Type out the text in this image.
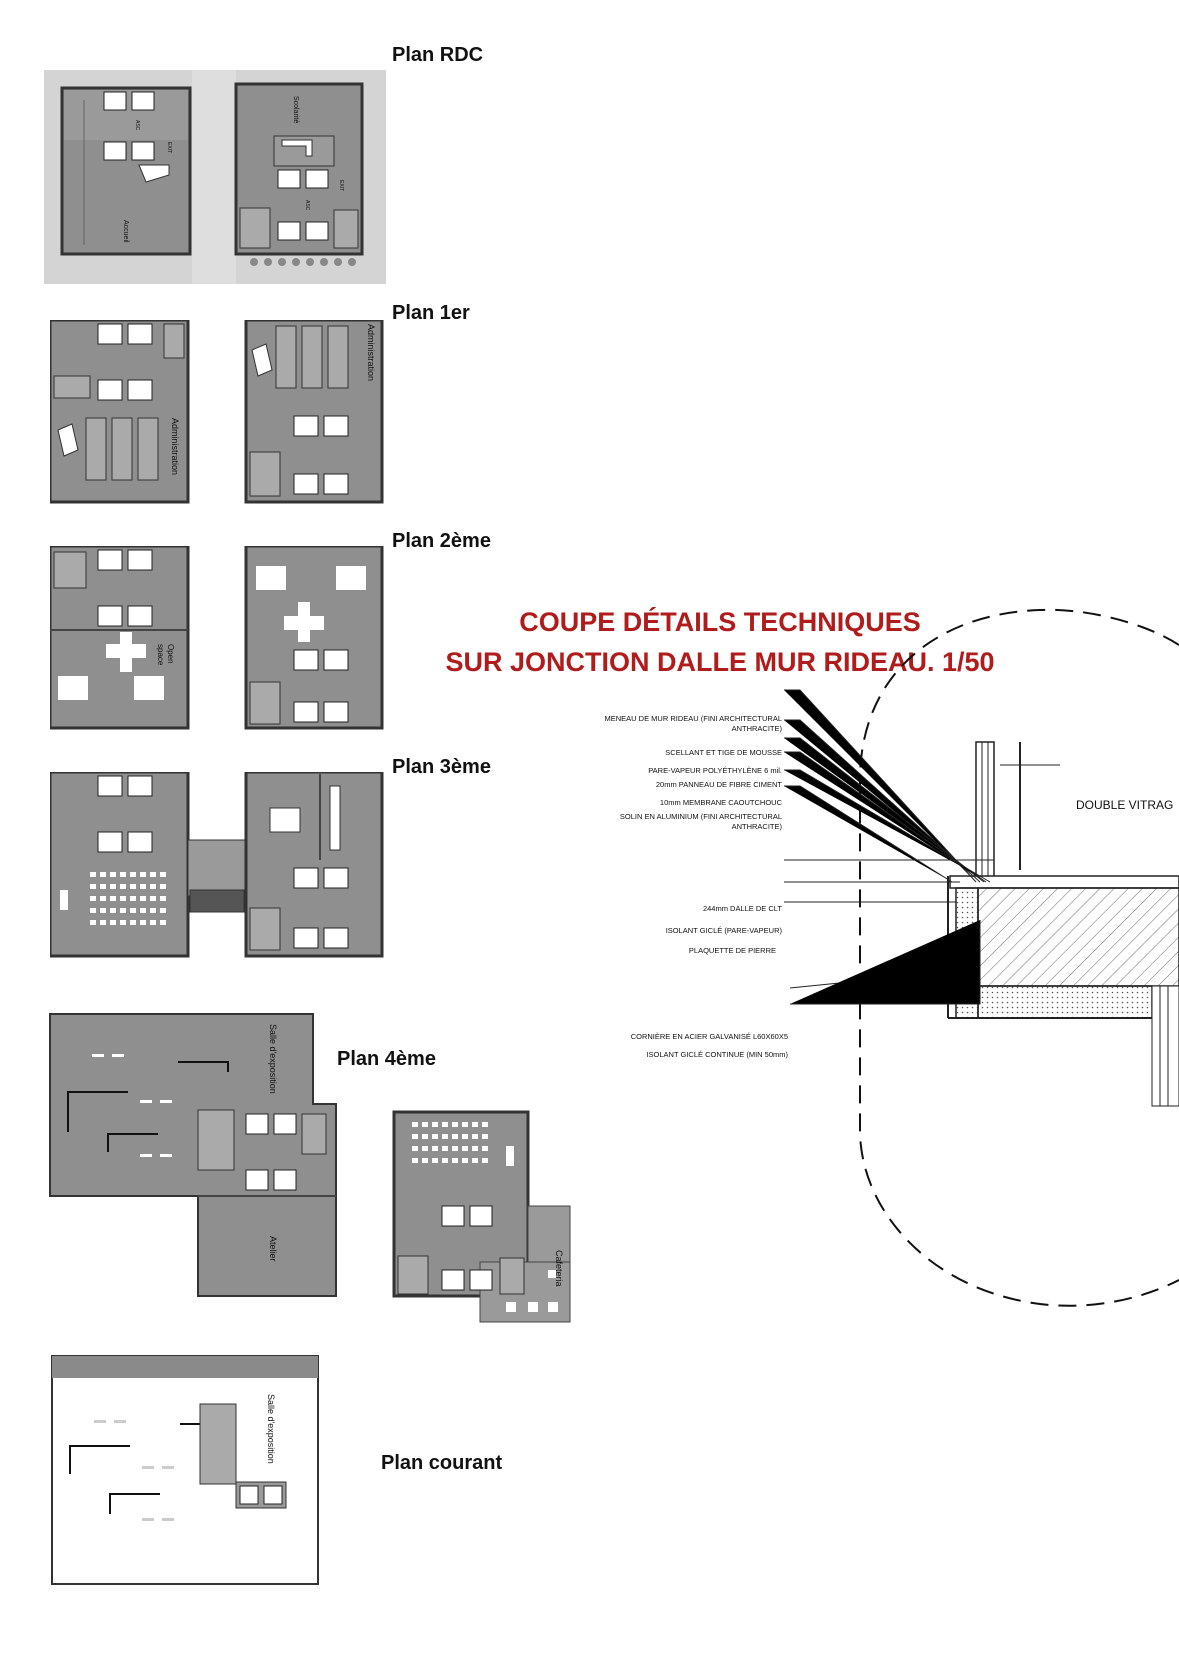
Plan RDC
Accueil
ASC
EXIT
Scolarité
ASC
EXIT
Plan 1er
Administration
Administration
Plan 2ème
Open
space
Plan 3ème
Plan 4ème
Salle d'exposition
Atelier
Cafeteria
Plan courant
Salle d'exposition
COUPE DÉTAILS TECHNIQUES
SUR JONCTION DALLE MUR RIDEAU. 1/50
MENEAU DE MUR RIDEAU (FINI ARCHITECTURAL ANTHRACITE)
SCELLANT ET TIGE DE MOUSSE
PARE-VAPEUR POLYÉTHYLÈNE 6 mil.
20mm PANNEAU DE FIBRE CIMENT
10mm MEMBRANE CAOUTCHOUC
SOLIN EN ALUMINIUM (FINI ARCHITECTURAL ANTHRACITE)
244mm DALLE DE CLT
ISOLANT GICLÉ (PARE-VAPEUR)
PLAQUETTE DE PIERRE
CORNIÈRE EN ACIER GALVANISÉ L60X60X5
ISOLANT GICLÉ CONTINUE (MIN 50mm)
DOUBLE VITRAG
